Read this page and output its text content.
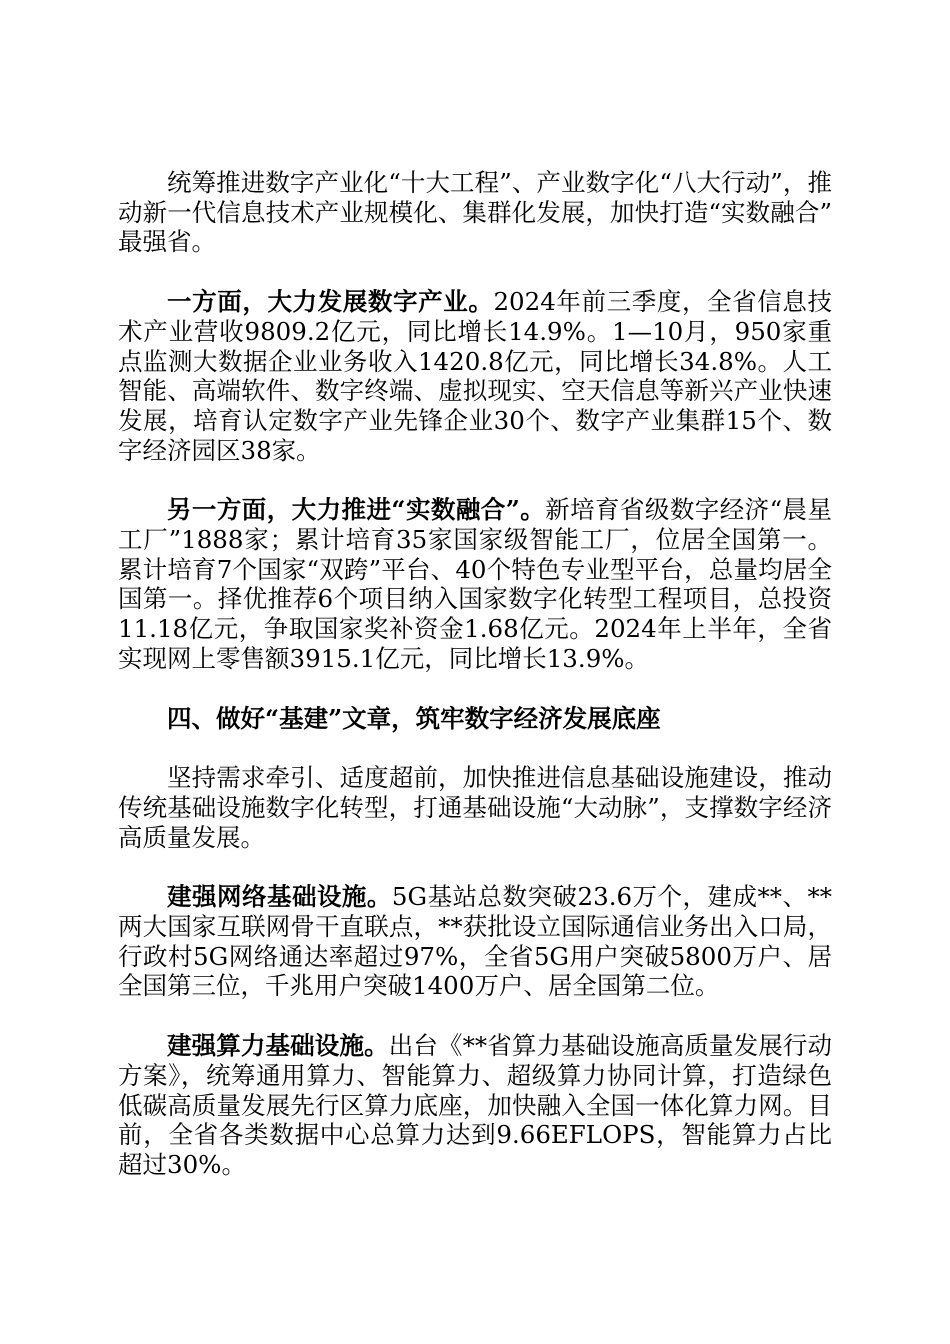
统筹推进数字产业化“十大工程”、产业数字化“八大行动”，推动新一代信息技术产业规模化、集群化发展，加快打造“实数融合”最强省。

一方面，大力发展数字产业。2024年前三季度，全省信息技术产业营收9809.2亿元，同比增长14.9%。1—10月，950家重点监测大数据企业业务收入1420.8亿元，同比增长34.8%。人工智能、高端软件、数字终端、虚拟现实、空天信息等新兴产业快速发展，培育认定数字产业先锋企业30个、数字产业集群15个、数字经济园区38家。

另一方面，大力推进“实数融合”。新培育省级数字经济“晨星工厂”1888家；累计培育35家国家级智能工厂，位居全国第一。累计培育7个国家“双跨”平台、40个特色专业型平台，总量均居全国第一。择优推荐6个项目纳入国家数字化转型工程项目，总投资11.18亿元，争取国家奖补资金1.68亿元。2024年上半年，全省实现网上零售额3915.1亿元，同比增长13.9%。

四、做好“基建”文章，筑牢数字经济发展底座

坚持需求牵引、适度超前，加快推进信息基础设施建设，推动传统基础设施数字化转型，打通基础设施“大动脉”，支撑数字经济高质量发展。

建强网络基础设施。5G基站总数突破23.6万个，建成**、**两大国家互联网骨干直联点，**获批设立国际通信业务出入口局，行政村5G网络通达率超过97%，全省5G用户突破5800万户、居全国第三位，千兆用户突破1400万户、居全国第二位。

建强算力基础设施。出台《**省算力基础设施高质量发展行动方案》，统筹通用算力、智能算力、超级算力协同计算，打造绿色低碳高质量发展先行区算力底座，加快融入全国一体化算力网。目前，全省各类数据中心总算力达到9.66EFLOPS，智能算力占比超过30%。
